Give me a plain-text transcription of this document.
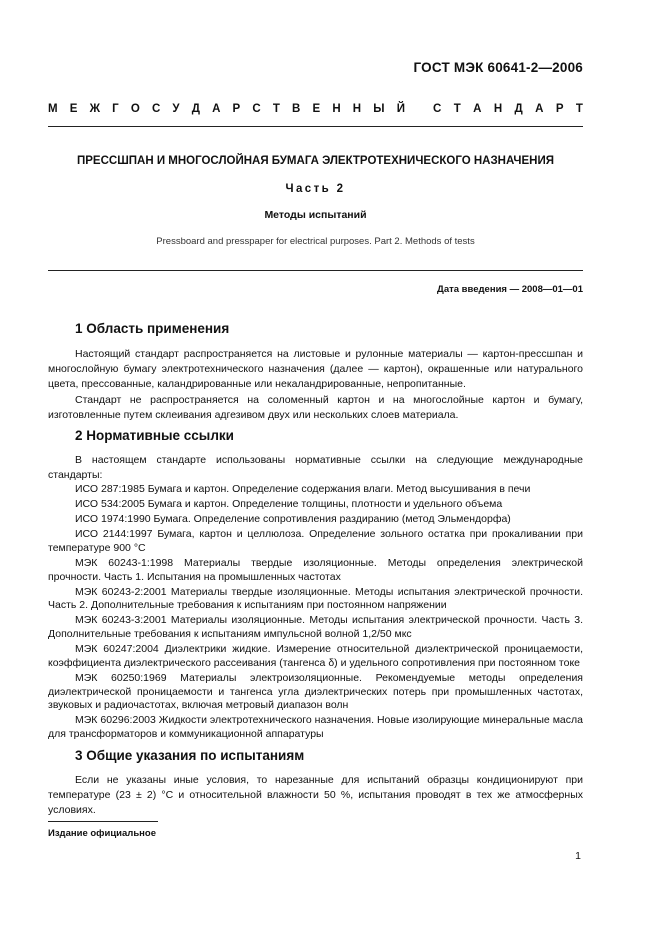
ГОСТ МЭК 60641-2—2006
М Е Ж Г О С У Д А Р С Т В Е Н Н Ы Й С Т А Н Д А Р Т
ПРЕССШПАН И МНОГОСЛОЙНАЯ БУМАГА ЭЛЕКТРОТЕХНИЧЕСКОГО НАЗНАЧЕНИЯ
Часть 2
Методы испытаний
Pressboard and presspaper for electrical purposes. Part 2. Methods of tests
Дата введения — 2008—01—01
1 Область применения
Настоящий стандарт распространяется на листовые и рулонные материалы — картон-прессшпан и многослойную бумагу электротехнического назначения (далее — картон), окрашенные или натурального цвета, прессованные, каландрированные или некаландрированные, непропитанные.
Стандарт не распространяется на соломенный картон и на многослойные картон и бумагу, изготовленные путем склеивания адгезивом двух или нескольких слоев материала.
2 Нормативные ссылки
В настоящем стандарте использованы нормативные ссылки на следующие международные стандарты:
ИСО 287:1985 Бумага и картон. Определение содержания влаги. Метод высушивания в печи
ИСО 534:2005 Бумага и картон. Определение толщины, плотности и удельного объема
ИСО 1974:1990 Бумага. Определение сопротивления раздиранию (метод Эльмендорфа)
ИСО 2144:1997 Бумага, картон и целлюлоза. Определение зольного остатка при прокаливании при температуре 900 °C
МЭК 60243-1:1998 Материалы твердые изоляционные. Методы определения электрической прочности. Часть 1. Испытания на промышленных частотах
МЭК 60243-2:2001 Материалы твердые изоляционные. Методы испытания электрической прочности. Часть 2. Дополнительные требования к испытаниям при постоянном напряжении
МЭК 60243-3:2001 Материалы изоляционные. Методы испытания электрической прочности. Часть 3. Дополнительные требования к испытаниям импульсной волной 1,2/50 мкс
МЭК 60247:2004 Диэлектрики жидкие. Измерение относительной диэлектрической проницаемости, коэффициента диэлектрического рассеивания (тангенса δ) и удельного сопротивления при постоянном токе
МЭК 60250:1969 Материалы электроизоляционные. Рекомендуемые методы определения диэлектрической проницаемости и тангенса угла диэлектрических потерь при промышленных частотах, звуковых и радиочастотах, включая метровый диапазон волн
МЭК 60296:2003 Жидкости электротехнического назначения. Новые изолирующие минеральные масла для трансформаторов и коммуникационной аппаратуры
3 Общие указания по испытаниям
Если не указаны иные условия, то нарезанные для испытаний образцы кондиционируют при температуре (23 ± 2) °C и относительной влажности 50 %, испытания проводят в тех же атмосферных условиях.
Издание официальное
1
